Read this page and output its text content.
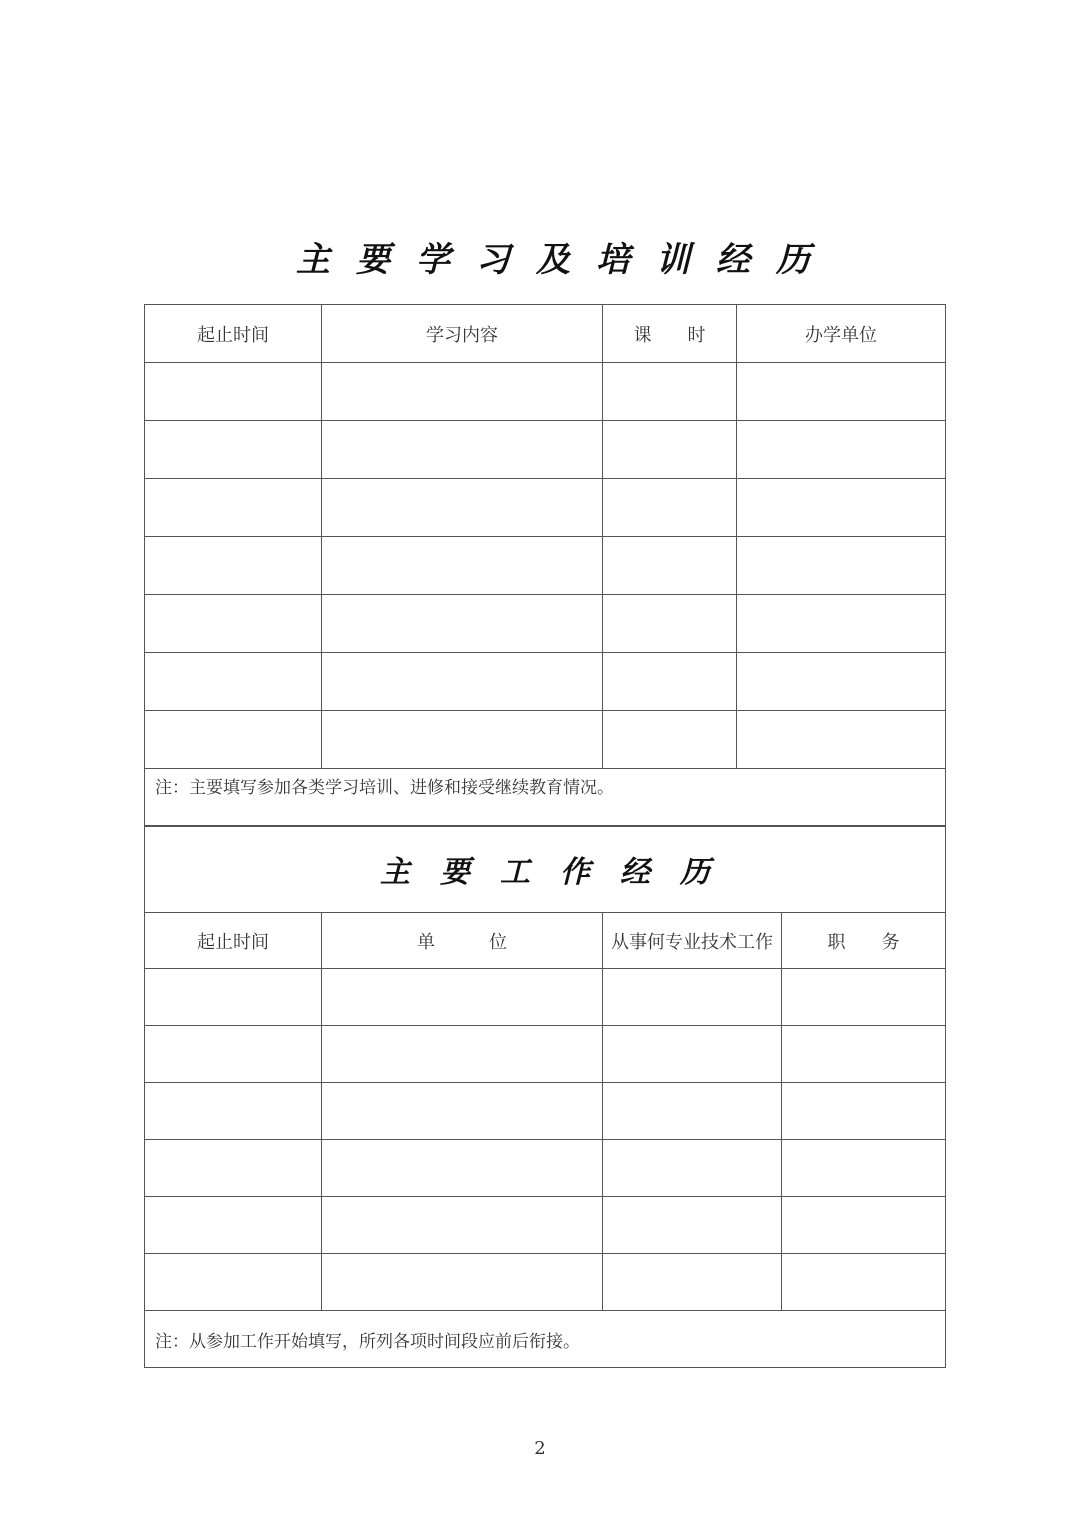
主要学习及培训经历
起止时间	学习内容	课　　时	办学单位

注：主要填写参加各类学习培训、进修和接受继续教育情况。			
主要工作经历			
起止时间	单　　　位	从事何专业技术工作	职　　务

注：从参加工作开始填写，所列各项时间段应前后衔接。			
2
